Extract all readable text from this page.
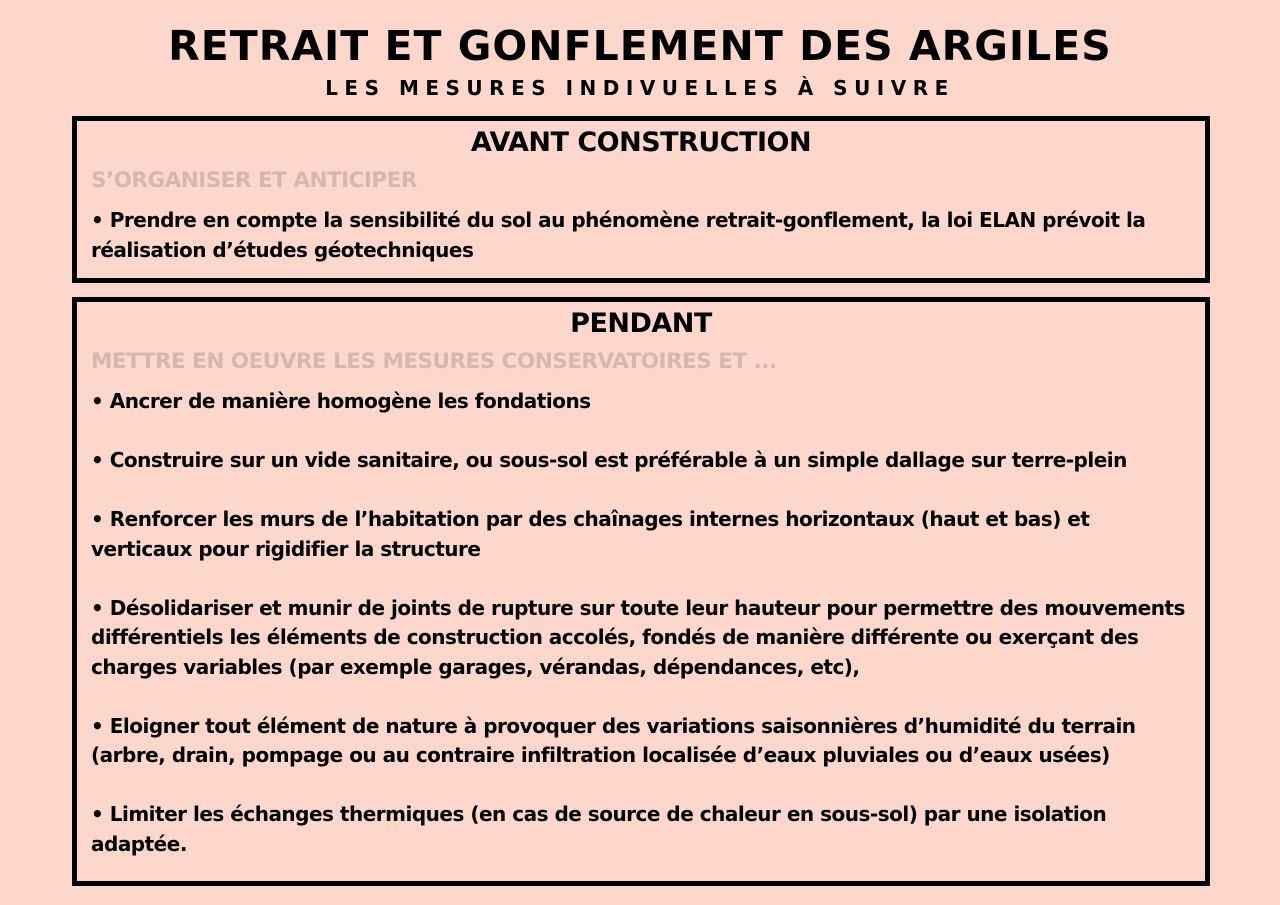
RETRAIT ET GONFLEMENT DES ARGILES
LES MESURES INDIVUELLES À SUIVRE
AVANT CONSTRUCTION
S’ORGANISER ET ANTICIPER
• Prendre en compte la sensibilité du sol au phénomène retrait-gonflement, la loi ELAN prévoit la réalisation d’études géotechniques
PENDANT
METTRE EN OEUVRE LES MESURES CONSERVATOIRES ET ...
• Ancrer de manière homogène les fondations
• Construire sur un vide sanitaire, ou sous-sol est préférable à un simple dallage sur terre-plein
• Renforcer les murs de l’habitation par des chaînages internes horizontaux (haut et bas) et verticaux pour rigidifier la structure
• Désolidariser et munir de joints de rupture sur toute leur hauteur pour permettre des mouvements différentiels les éléments de construction accolés, fondés de manière différente ou exerçant des charges variables (par exemple garages, vérandas, dépendances, etc),
• Eloigner tout élément de nature à provoquer des variations saisonnières d’humidité du terrain (arbre, drain, pompage ou au contraire infiltration localisée d’eaux pluviales ou d’eaux usées)
• Limiter les échanges thermiques (en cas de source de chaleur en sous-sol) par une isolation adaptée.
